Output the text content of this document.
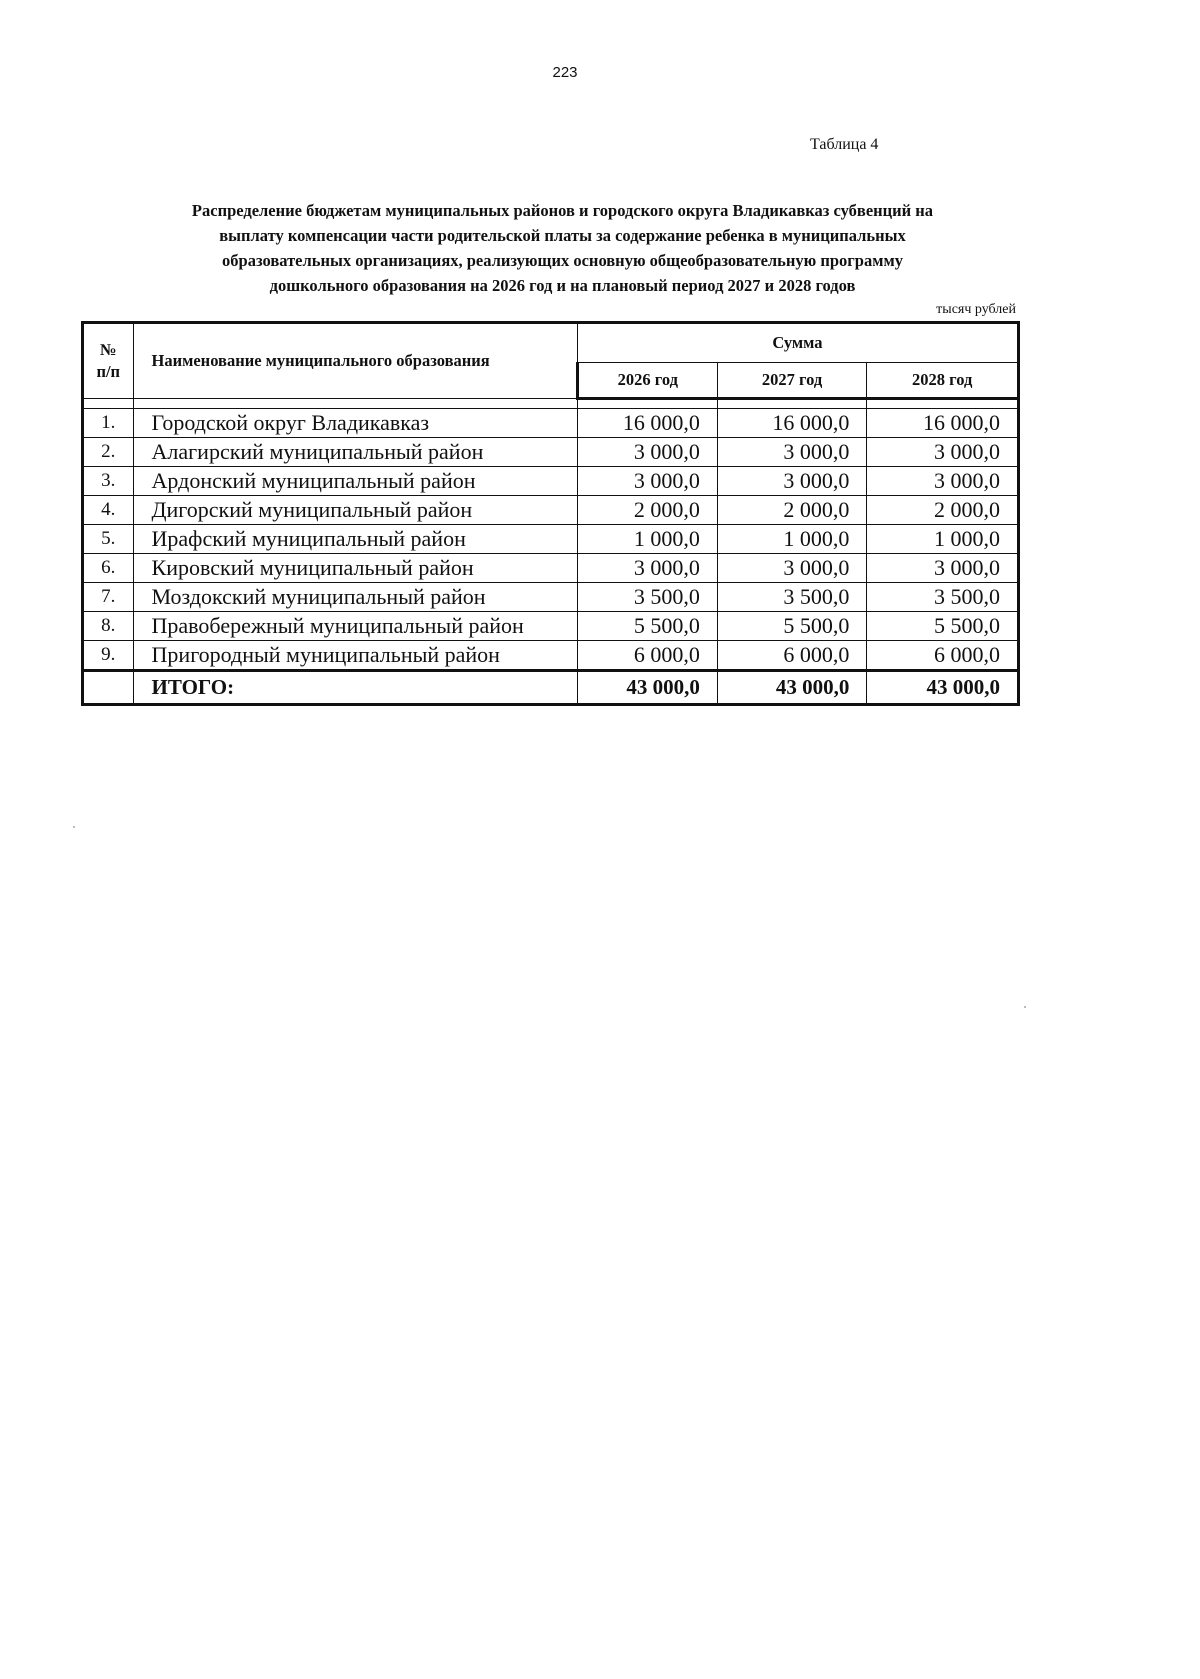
223
Таблица 4
Распределение бюджетам муниципальных районов и городского округа Владикавказ субвенций на
выплату компенсации части родительской платы за содержание ребенка в муниципальных
образовательных организациях, реализующих основную общеобразовательную программу
дошкольного образования на 2026 год и на плановый период 2027 и 2028 годов
тысяч рублей
№
п/п	Наименование муниципального образования	Сумма		
		2026 год	2027 год	2028 год

1.	Городской округ Владикавказ	16 000,0	16 000,0	16 000,0
2.	Алагирский муниципальный район	3 000,0	3 000,0	3 000,0
3.	Ардонский муниципальный район	3 000,0	3 000,0	3 000,0
4.	Дигорский муниципальный район	2 000,0	2 000,0	2 000,0
5.	Ирафский муниципальный район	1 000,0	1 000,0	1 000,0
6.	Кировский муниципальный район	3 000,0	3 000,0	3 000,0
7.	Моздокский муниципальный район	3 500,0	3 500,0	3 500,0
8.	Правобережный муниципальный район	5 500,0	5 500,0	5 500,0
9.	Пригородный муниципальный район	6 000,0	6 000,0	6 000,0
	ИТОГО:	43 000,0	43 000,0	43 000,0
